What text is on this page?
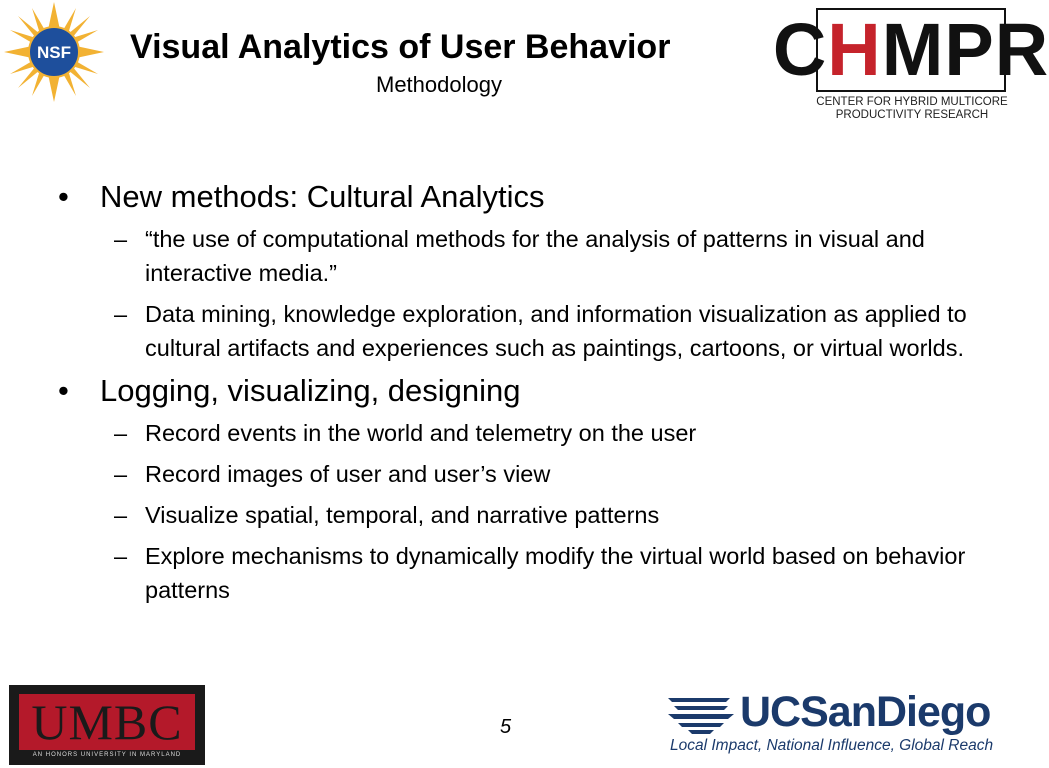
NSF Visual Analytics of User Behavior
Methodology	CHMPR
CENTER FOR HYBRID MULTICORE PRODUCTIVITY RESEARCH
•	New methods: Cultural Analytics
– “the use of computational methods for the analysis of patterns in visual and interactive media.”
– Data mining, knowledge exploration, and information visualization as applied to cultural artifacts and experiences such as paintings, cartoons, or virtual worlds.
•	Logging, visualizing, designing
– Record events in the world and telemetry on the user
– Record images of user and user’s view
– Visualize spatial, temporal, and narrative patterns
– Explore mechanisms to dynamically modify the virtual world based on behavior patterns
UMBC
AN HONORS UNIVERSITY IN MARYLAND
5	UCSanDiego
Local Impact, National Influence, Global Reach
